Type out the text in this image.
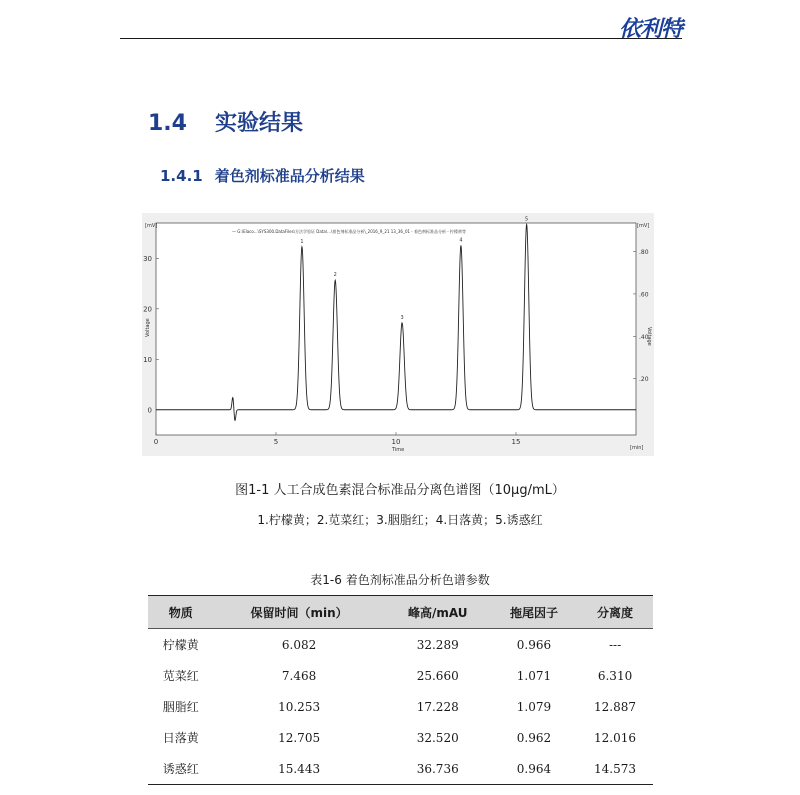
依利特
1.4 实验结果
1.4.1 着色剂标准品分析结果
[mV]	[mV]
[min]
Voltage	Voltage
Time
— G:\Elaco...\SYS300.DataFiles\方法学验证 Data\...\着色剂标准品分析\_2016_9_21 13_36_01 - 着色剂标准品分析 - 柠檬黄等
0	5	10	15
0
10
20
30
.20
.40
.60
.80
1
2
3
4
5
图1-1 人工合成色素混合标准品分离色谱图（10μg/mL）
1.柠檬黄；2.苋菜红；3.胭脂红；4.日落黄；5.诱惑红
表1-6 着色剂标准品分析色谱参数
物质	保留时间（min）	峰高/mAU	拖尾因子	分离度
柠檬黄	6.082	32.289	0.966	---
苋菜红	7.468	25.660	1.071	6.310
胭脂红	10.253	17.228	1.079	12.887
日落黄	12.705	32.520	0.962	12.016
诱惑红	15.443	36.736	0.964	14.573
